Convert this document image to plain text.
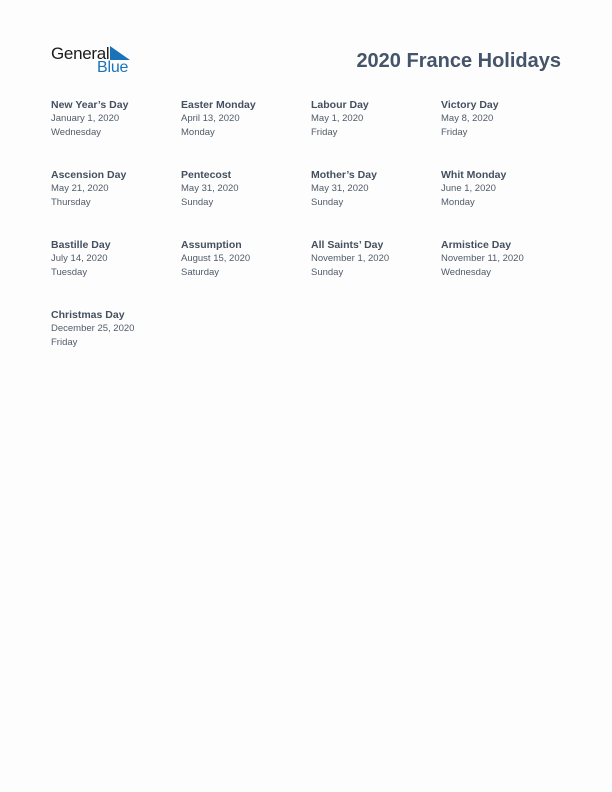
General
Blue	2020 France Holidays
New Year’s Day
January 1, 2020
Wednesday
Easter Monday
April 13, 2020
Monday
Labour Day
May 1, 2020
Friday
Victory Day
May 8, 2020
Friday
Ascension Day
May 21, 2020
Thursday
Pentecost
May 31, 2020
Sunday
Mother’s Day
May 31, 2020
Sunday
Whit Monday
June 1, 2020
Monday
Bastille Day
July 14, 2020
Tuesday
Assumption
August 15, 2020
Saturday
All Saints’ Day
November 1, 2020
Sunday
Armistice Day
November 11, 2020
Wednesday
Christmas Day
December 25, 2020
Friday
